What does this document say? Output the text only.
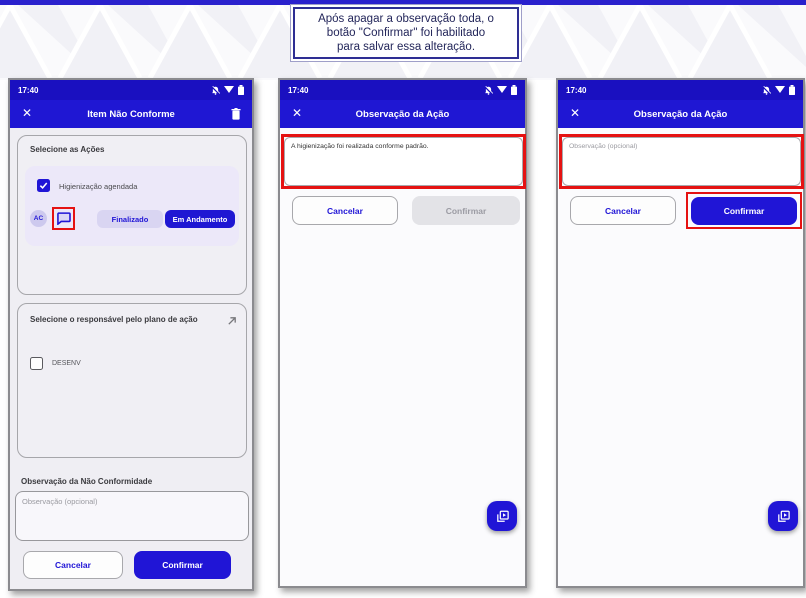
Após apagar a observação toda, o
botão "Confirmar" foi habilitado
para salvar essa alteração.
17:40
✕	Item Não Conforme
Selecione as Ações
Higienização agendada
AC	Finalizado	Em Andamento
Selecione o responsável pelo plano de ação
DESENV
Observação da Não Conformidade
Observação (opcional)
Cancelar	Confirmar
17:40
✕	Observação da Ação
A higienização foi realizada conforme padrão.
Cancelar	Confirmar
17:40
✕	Observação da Ação
Observação (opcional)
Cancelar	Confirmar
